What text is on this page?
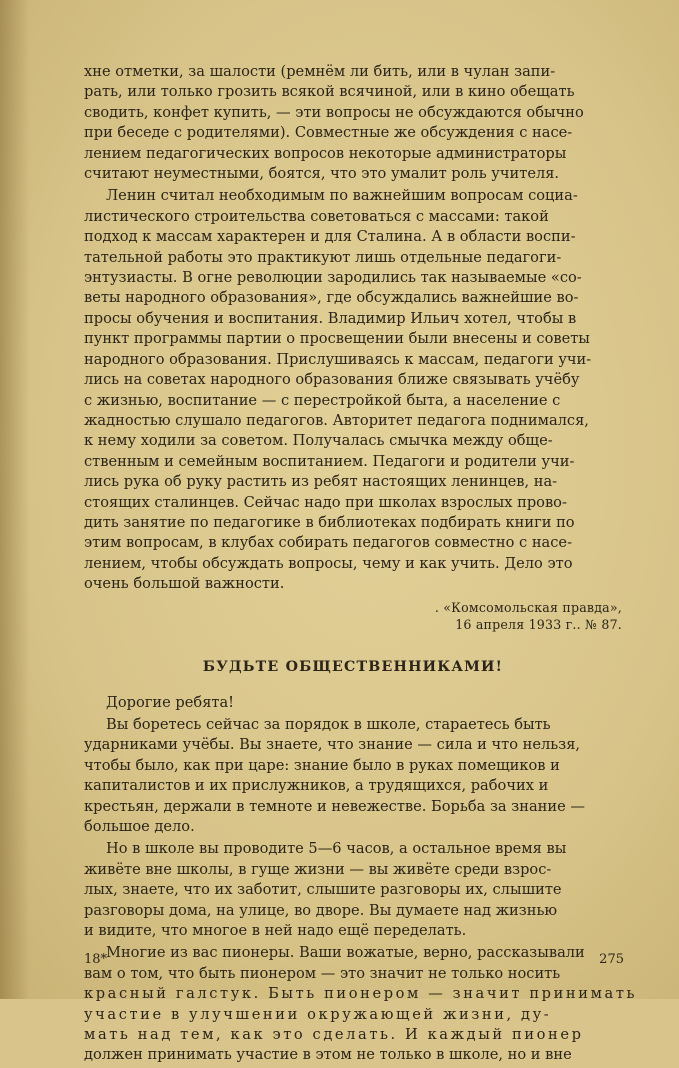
хне отметки, за шалости (ремнём ли бить, или в чулан запи-

рать, или только грозить всякой всячиной, или в кино обещать

сводить, конфет купить, — эти вопросы не обсуждаются обычно

при беседе с родителями). Совместные же обсуждения с насе-

лением педагогических вопросов некоторые администраторы

считают неуместными, боятся, что это умалит роль учителя.

Ленин считал необходимым по важнейшим вопросам социа-

листического строительства советоваться с массами: такой

подход к массам характерен и для Сталина. А в области воспи-

тательной работы это практикуют лишь отдельные педагоги-

энтузиасты. В огне революции зародились так называемые «со-

веты народного образования», где обсуждались важнейшие во-

просы обучения и воспитания. Владимир Ильич хотел, чтобы в

пункт программы партии о просвещении были внесены и советы

народного образования. Прислушиваясь к массам, педагоги учи-

лись на советах народного образования ближе связывать учёбу

с жизнью, воспитание — с перестройкой быта, а население с

жадностью слушало педагогов. Авторитет педагога поднимался,

к нему ходили за советом. Получалась смычка между обще-

ственным и семейным воспитанием. Педагоги и родители учи-

лись рука об руку растить из ребят настоящих ленинцев, на-

стоящих сталинцев. Сейчас надо при школах взрослых прово-

дить занятие по педагогике в библиотеках подбирать книги по

этим вопросам, в клубах собирать педагогов совместно с насе-

лением, чтобы обсуждать вопросы, чему и как учить. Дело это

очень большой важности.

. «Комсомольская правда»,
16 апреля 1933 г.. № 87.
БУДЬТЕ ОБЩЕСТВЕННИКАМИ!
Дорогие ребята!

Вы боретесь сейчас за порядок в школе, стараетесь быть

ударниками учёбы. Вы знаете, что знание — сила и что нельзя,

чтобы было, как при царе: знание было в руках помещиков и

капиталистов и их прислужников, а трудящихся, рабочих и

крестьян, держали в темноте и невежестве. Борьба за знание —

большое дело.

Но в школе вы проводите 5—6 часов, а остальное время вы

живёте вне школы, в гуще жизни — вы живёте среди взрос-

лых, знаете, что их заботит, слышите разговоры их, слышите

разговоры дома, на улице, во дворе. Вы думаете над жизнью

и видите, что многое в ней надо ещё переделать.

Многие из вас пионеры. Ваши вожатые, верно, рассказывали

вам о том, что быть пионером — это значит не только носить

красный галстук. Быть пионером — значит принимать

участие в улучшении окружающей жизни, ду-

мать над тем, как это сделать. И каждый пионер

должен принимать участие в этом не только в школе, но и вне

18*	275
